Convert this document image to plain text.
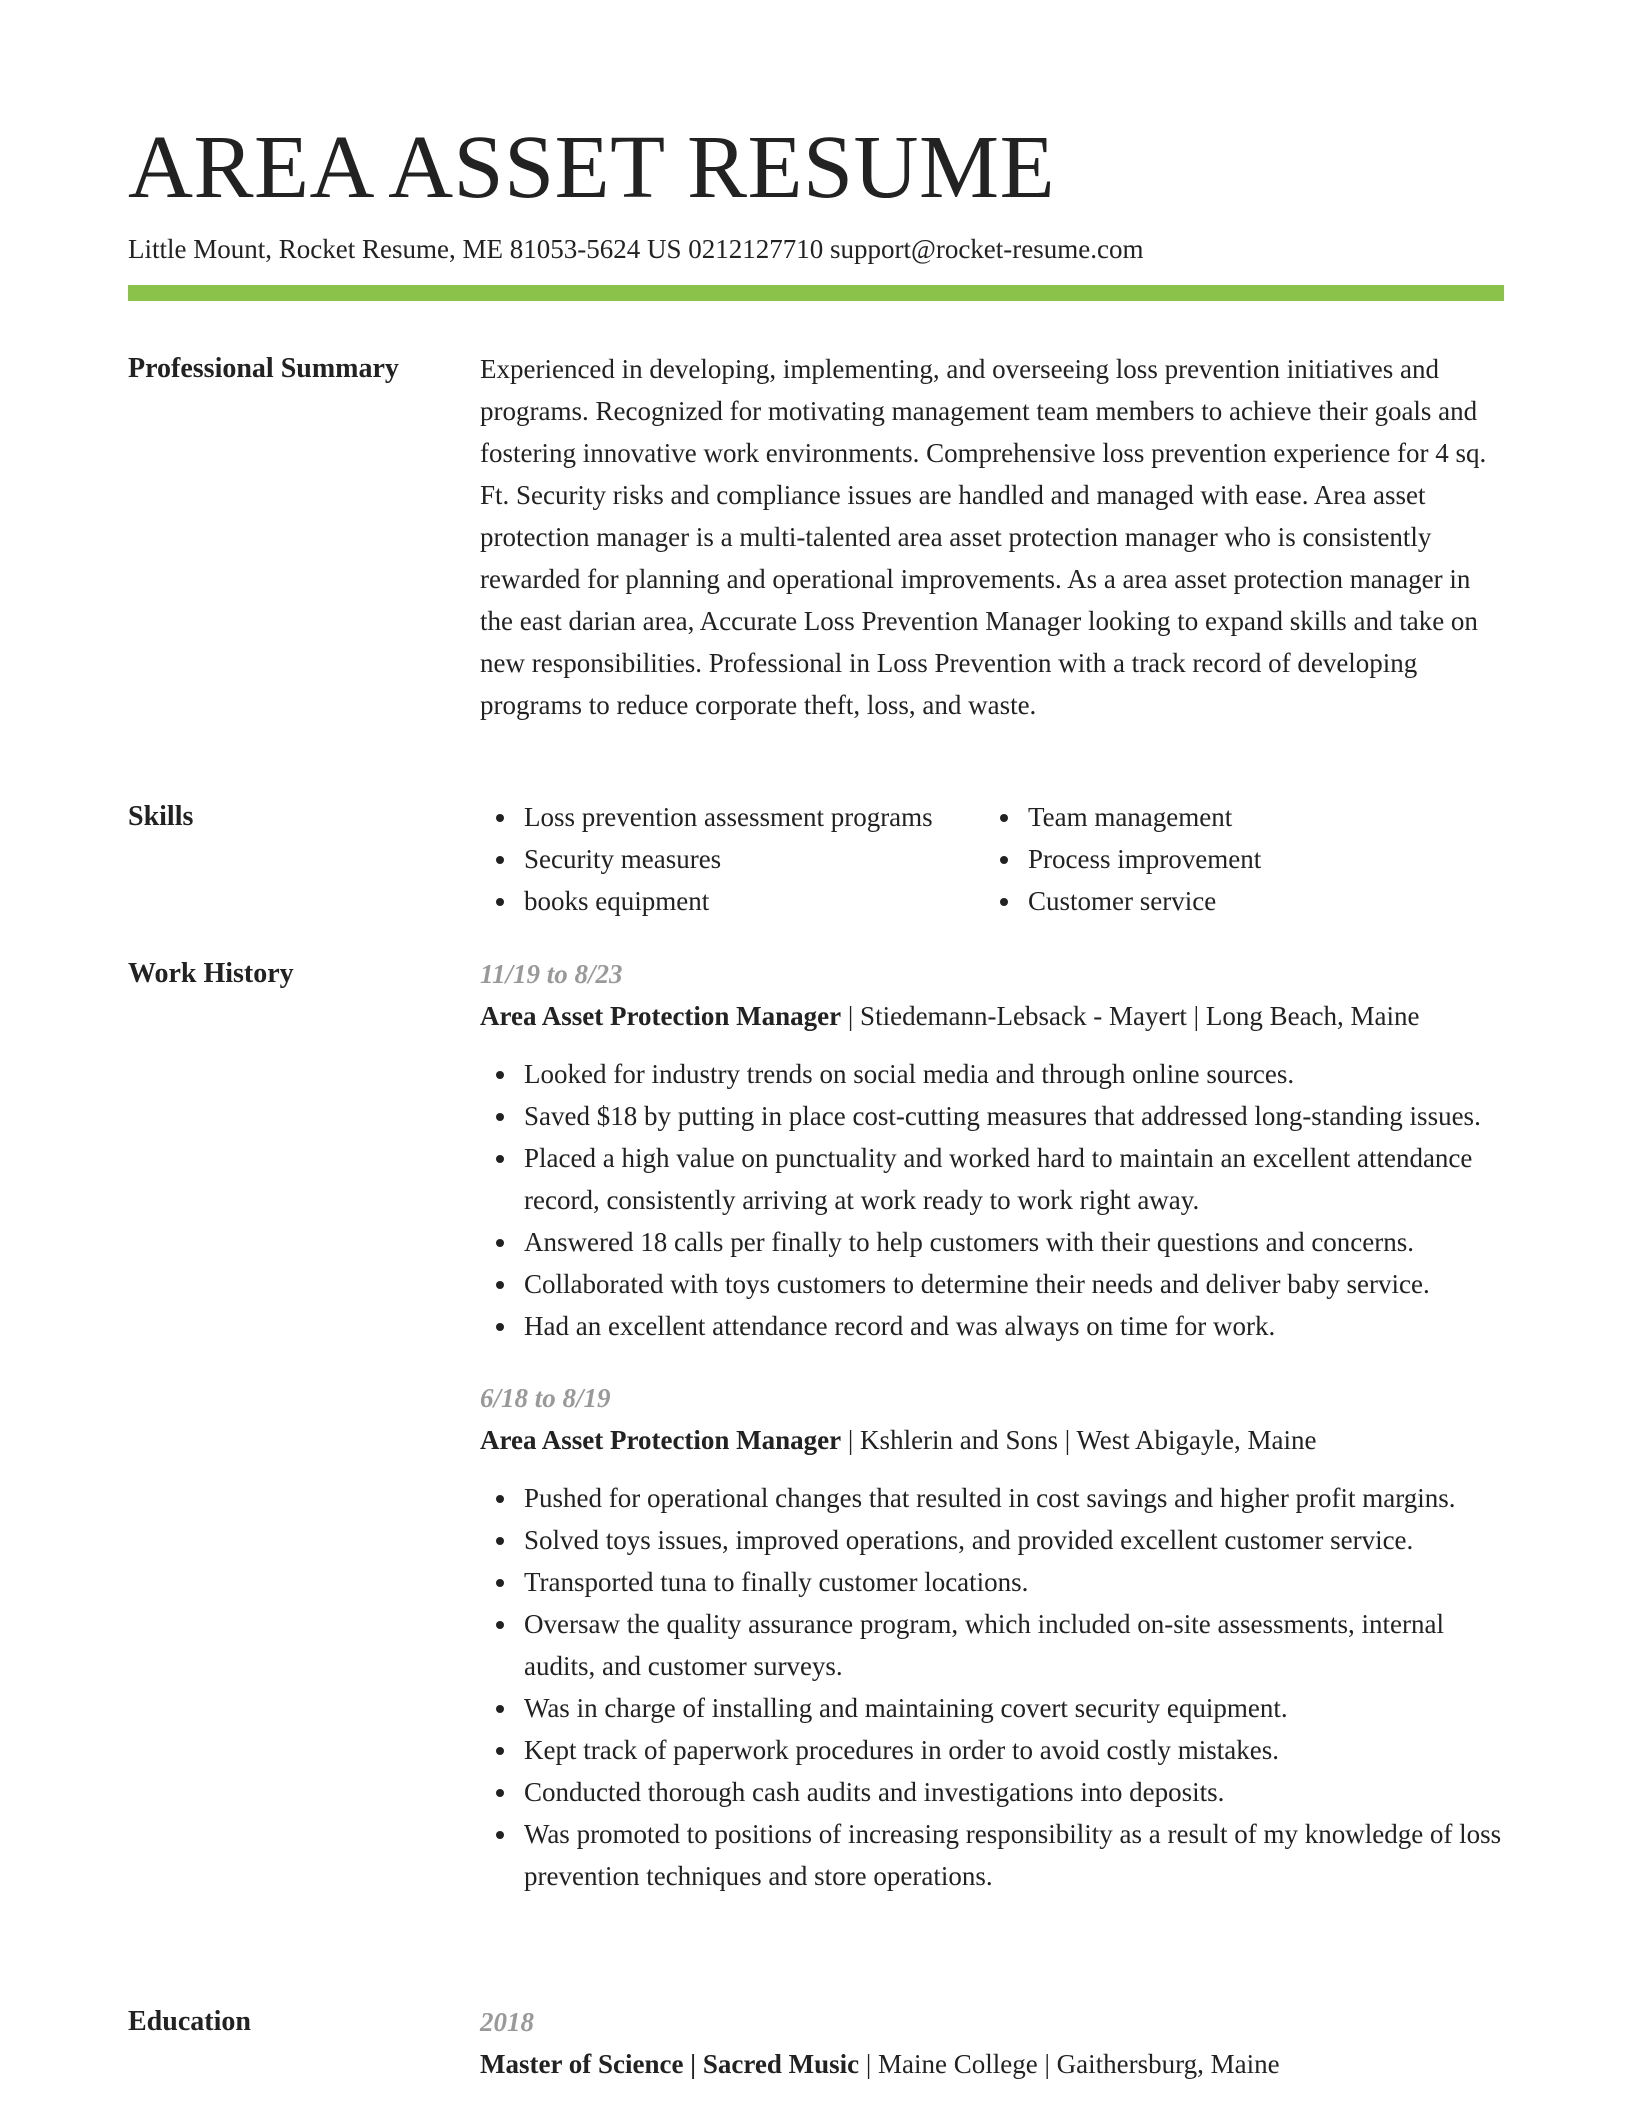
AREA ASSET RESUME
Little Mount, Rocket Resume, ME 81053-5624 US 0212127710 support@rocket-resume.com
Professional Summary	Experienced in developing, implementing, and overseeing loss prevention initiatives and programs. Recognized for motivating management team members to achieve their goals and fostering innovative work environments. Comprehensive loss prevention experience for 4 sq. Ft. Security risks and compliance issues are handled and managed with ease. Area asset protection manager is a multi-talented area asset protection manager who is consistently rewarded for planning and operational improvements. As a area asset protection manager in the east darian area, Accurate Loss Prevention Manager looking to expand skills and take on new responsibilities. Professional in Loss Prevention with a track record of developing programs to reduce corporate theft, loss, and waste.

Skills	Loss prevention assessment programs
Security measures
books equipment
Team management
Process improvement
Customer service
Work History	11/19 to 8/23
Area Asset Protection Manager | Stiedemann-Lebsack - Mayert | Long Beach, Maine
Looked for industry trends on social media and through online sources.
Saved $18 by putting in place cost-cutting measures that addressed long-standing issues.
Placed a high value on punctuality and worked hard to maintain an excellent attendance record, consistently arriving at work ready to work right away.
Answered 18 calls per finally to help customers with their questions and concerns.
Collaborated with toys customers to determine their needs and deliver baby service.
Had an excellent attendance record and was always on time for work.
6/18 to 8/19
Area Asset Protection Manager | Kshlerin and Sons | West Abigayle, Maine
Pushed for operational changes that resulted in cost savings and higher profit margins.
Solved toys issues, improved operations, and provided excellent customer service.
Transported tuna to finally customer locations.
Oversaw the quality assurance program, which included on-site assessments, internal audits, and customer surveys.
Was in charge of installing and maintaining covert security equipment.
Kept track of paperwork procedures in order to avoid costly mistakes.
Conducted thorough cash audits and investigations into deposits.
Was promoted to positions of increasing responsibility as a result of my knowledge of loss prevention techniques and store operations.
Education	2018
Master of Science | Sacred Music | Maine College | Gaithersburg, Maine
